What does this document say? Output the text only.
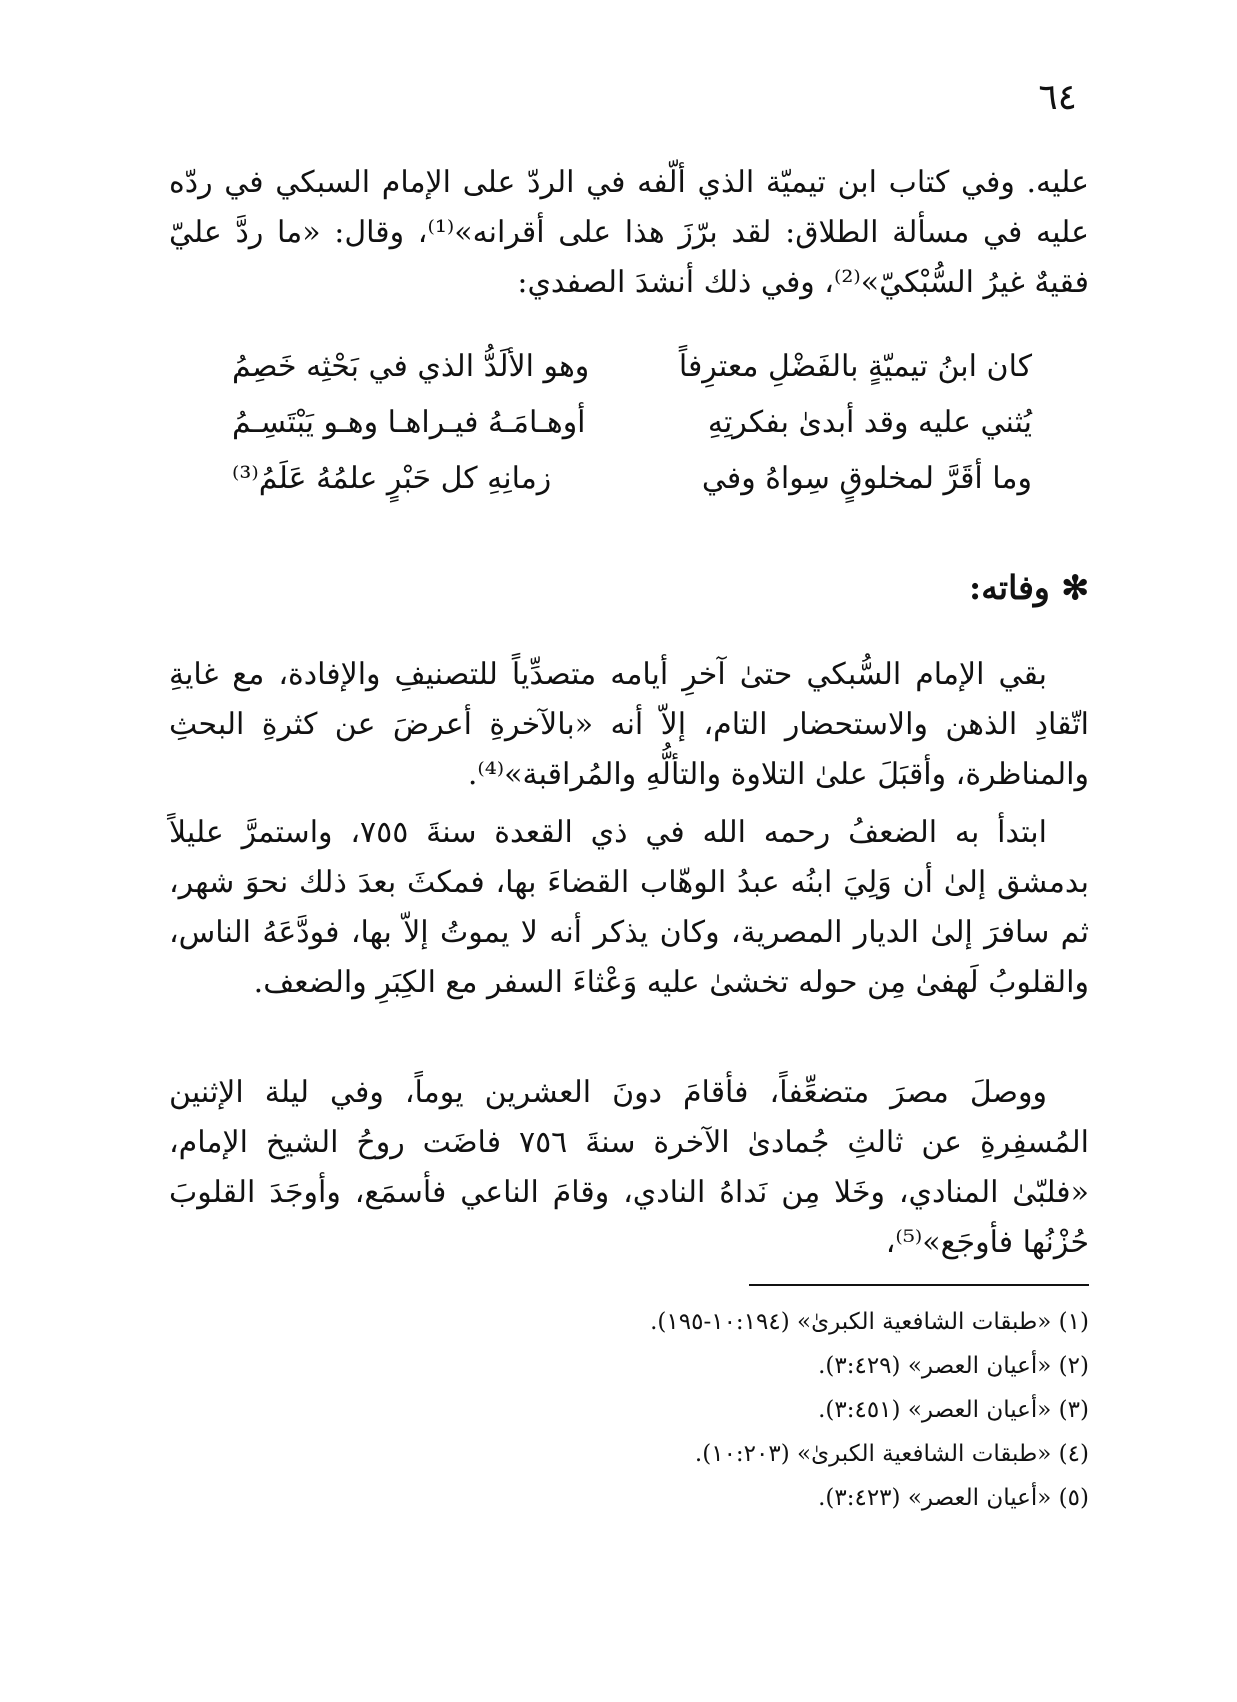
٦٤
عليه. وفي كتاب ابن تيميّة الذي ألّفه في الردّ على الإمام السبكي في ردّه عليه في مسألة الطلاق: لقد برّزَ هذا على أقرانه»⁽¹⁾، وقال: «ما ردَّ عليّ فقيهٌ غيرُ السُّبْكيّ»⁽²⁾، وفي ذلك أنشدَ الصفدي:
كان ابنُ تيميّةٍ بالفَضْلِ معترِفاً
وهو الألَدُّ الذي في بَحْثِه خَصِمُ
يُثني عليه وقد أبدىٰ بفكرتِهِ
أوهـامَـهُ فيـراهـا وهـو يَبْتَسِـمُ
وما أقَرَّ لمخلوقٍ سِواهُ وفي
زمانِهِ كل حَبْرٍ علمُهُ عَلَمُ⁽³⁾
✻ وفاته:
بقي الإمام السُّبكي حتىٰ آخرِ أيامه متصدِّياً للتصنيفِ والإفادة، مع غايةِ اتّقادِ الذهن والاستحضار التام، إلاّ أنه «بالآخرةِ أعرضَ عن كثرةِ البحثِ والمناظرة، وأقبَلَ علىٰ التلاوة والتألُّهِ والمُراقبة»⁽⁴⁾.
ابتدأ به الضعفُ رحمه الله في ذي القعدة سنةَ ٧٥٥، واستمرَّ عليلاً بدمشق إلىٰ أن وَلِيَ ابنُه عبدُ الوهّاب القضاءَ بها، فمكثَ بعدَ ذلك نحوَ شهر، ثم سافرَ إلىٰ الديار المصرية، وكان يذكر أنه لا يموتُ إلاّ بها، فودَّعَهُ الناس، والقلوبُ لَهفىٰ مِن حوله تخشىٰ عليه وَعْثاءَ السفر مع الكِبَرِ والضعف.
ووصلَ مصرَ متضعِّفاً، فأقامَ دونَ العشرين يوماً، وفي ليلة الإثنين المُسفِرةِ عن ثالثِ جُمادىٰ الآخرة سنةَ ٧٥٦ فاضَت روحُ الشيخ الإمام، «فلبّىٰ المنادي، وخَلا مِن نَداهُ النادي، وقامَ الناعي فأسمَع، وأوجَدَ القلوبَ حُزْنُها فأوجَع»⁽⁵⁾،
(١) «طبقات الشافعية الكبرىٰ» (١٠:١٩٤-١٩٥).
(٢) «أعيان العصر» (٣:٤٢٩).
(٣) «أعيان العصر» (٣:٤٥١).
(٤) «طبقات الشافعية الكبرىٰ» (١٠:٢٠٣).
(٥) «أعيان العصر» (٣:٤٢٣).
